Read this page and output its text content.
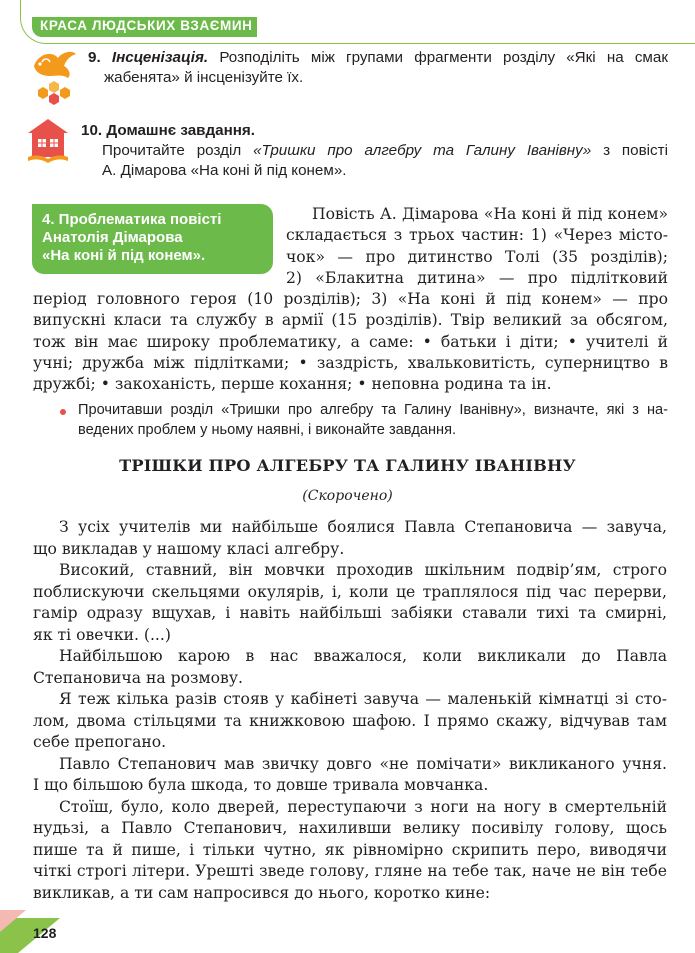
КРАСА ЛЮДСЬКИХ ВЗАЄМИН
9. Інсценізація. Розподіліть між групами фрагменти розділу «Які на смак
жабенята» й інсценізуйте їх.
10. Домашнє завдання.
Прочитайте розділ «Тришки про алгебру та Галину Іванівну» з повісті
А. Дімарова «На коні й під конем».
4. Проблематика повісті
Анатолія Дімарова
«На коні й під конем».
Повість А. Дімарова «На коні й під конем»
складається з трьох частин: 1) «Через місто-
чок» — про дитинство Толі (35 розділів);
2) «Блакитна дитина» — про підлітковий
період головного героя (10 розділів); 3) «На коні й під конем» — про
випускні класи та службу в армії (15 розділів). Твір великий за обсягом,
тож він має широку проблематику, а саме: • батьки і діти; • учителі й
учні; дружба між підлітками; • заздрість, хвальковитість, суперництво в
дружбі; • закоханість, перше кохання; • неповна родина та ін.
Прочитавши розділ «Тришки про алгебру та Галину Іванівну», визначте, які з на-
ведених проблем у ньому наявні, і виконайте завдання.
ТРІШКИ ПРО АЛГЕБРУ ТА ГАЛИНУ ІВАНІВНУ
(Скорочено)
З усіх учителів ми найбільше боялися Павла Степановича — завуча,
що викладав у нашому класі алгебру.
Високий, ставний, він мовчки проходив шкільним подвір’ям, строго
поблискуючи скельцями окулярів, і, коли це траплялося під час перерви,
гамір одразу вщухав, і навіть найбільші забіяки ставали тихі та смирні,
як ті овечки. (...)
Найбільшою карою в нас вважалося, коли викликали до Павла
Степановича на розмову.
Я теж кілька разів стояв у кабінеті завуча — маленькій кімнатці зі сто-
лом, двома стільцями та книжковою шафою. І прямо скажу, відчував там
себе препогано.
Павло Степанович мав звичку довго «не помічати» викликаного учня.
І що більшою була шкода, то довше тривала мовчанка.
Стоїш, було, коло дверей, переступаючи з ноги на ногу в смертельній
нудьзі, а Павло Степанович, нахиливши велику посивілу голову, щось
пише та й пише, і тільки чутно, як рівномірно скрипить перо, виводячи
чіткі строгі літери. Урешті зведе голову, гляне на тебе так, наче не він тебе
викликав, а ти сам напросився до нього, коротко кине:
128
